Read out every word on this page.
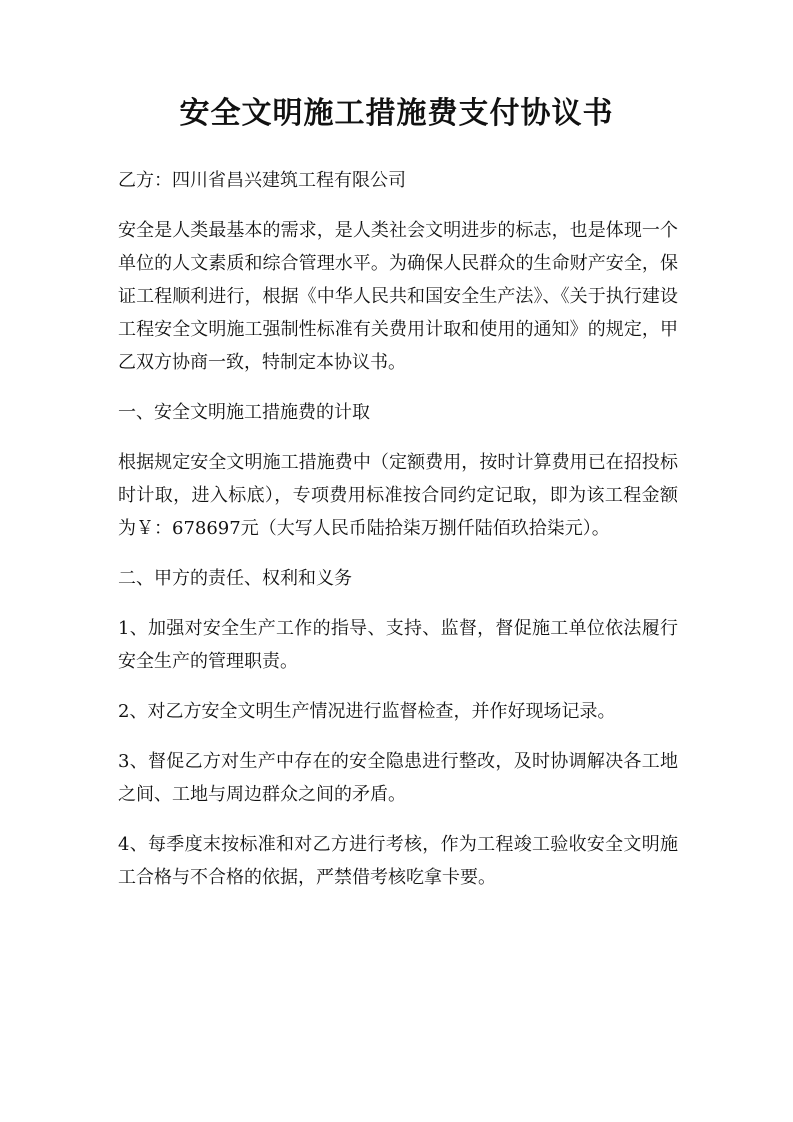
安全文明施工措施费支付协议书

乙方：四川省昌兴建筑工程有限公司

安全是人类最基本的需求，是人类社会文明进步的标志，也是体现一个单位的人文素质和综合管理水平。为确保人民群众的生命财产安全，保证工程顺利进行，根据《中华人民共和国安全生产法》、《关于执行建设工程安全文明施工强制性标准有关费用计取和使用的通知》的规定，甲乙双方协商一致，特制定本协议书。

一、安全文明施工措施费的计取

根据规定安全文明施工措施费中（定额费用，按时计算费用已在招投标时计取，进入标底），专项费用标准按合同约定记取，即为该工程金额为￥：678697元（大写人民币陆拾柒万捌仟陆佰玖拾柒元）。

二、甲方的责任、权利和义务

1、加强对安全生产工作的指导、支持、监督，督促施工单位依法履行安全生产的管理职责。

2、对乙方安全文明生产情况进行监督检查，并作好现场记录。

3、督促乙方对生产中存在的安全隐患进行整改，及时协调解决各工地之间、工地与周边群众之间的矛盾。

4、每季度末按标准和对乙方进行考核，作为工程竣工验收安全文明施工合格与不合格的依据，严禁借考核吃拿卡要。
